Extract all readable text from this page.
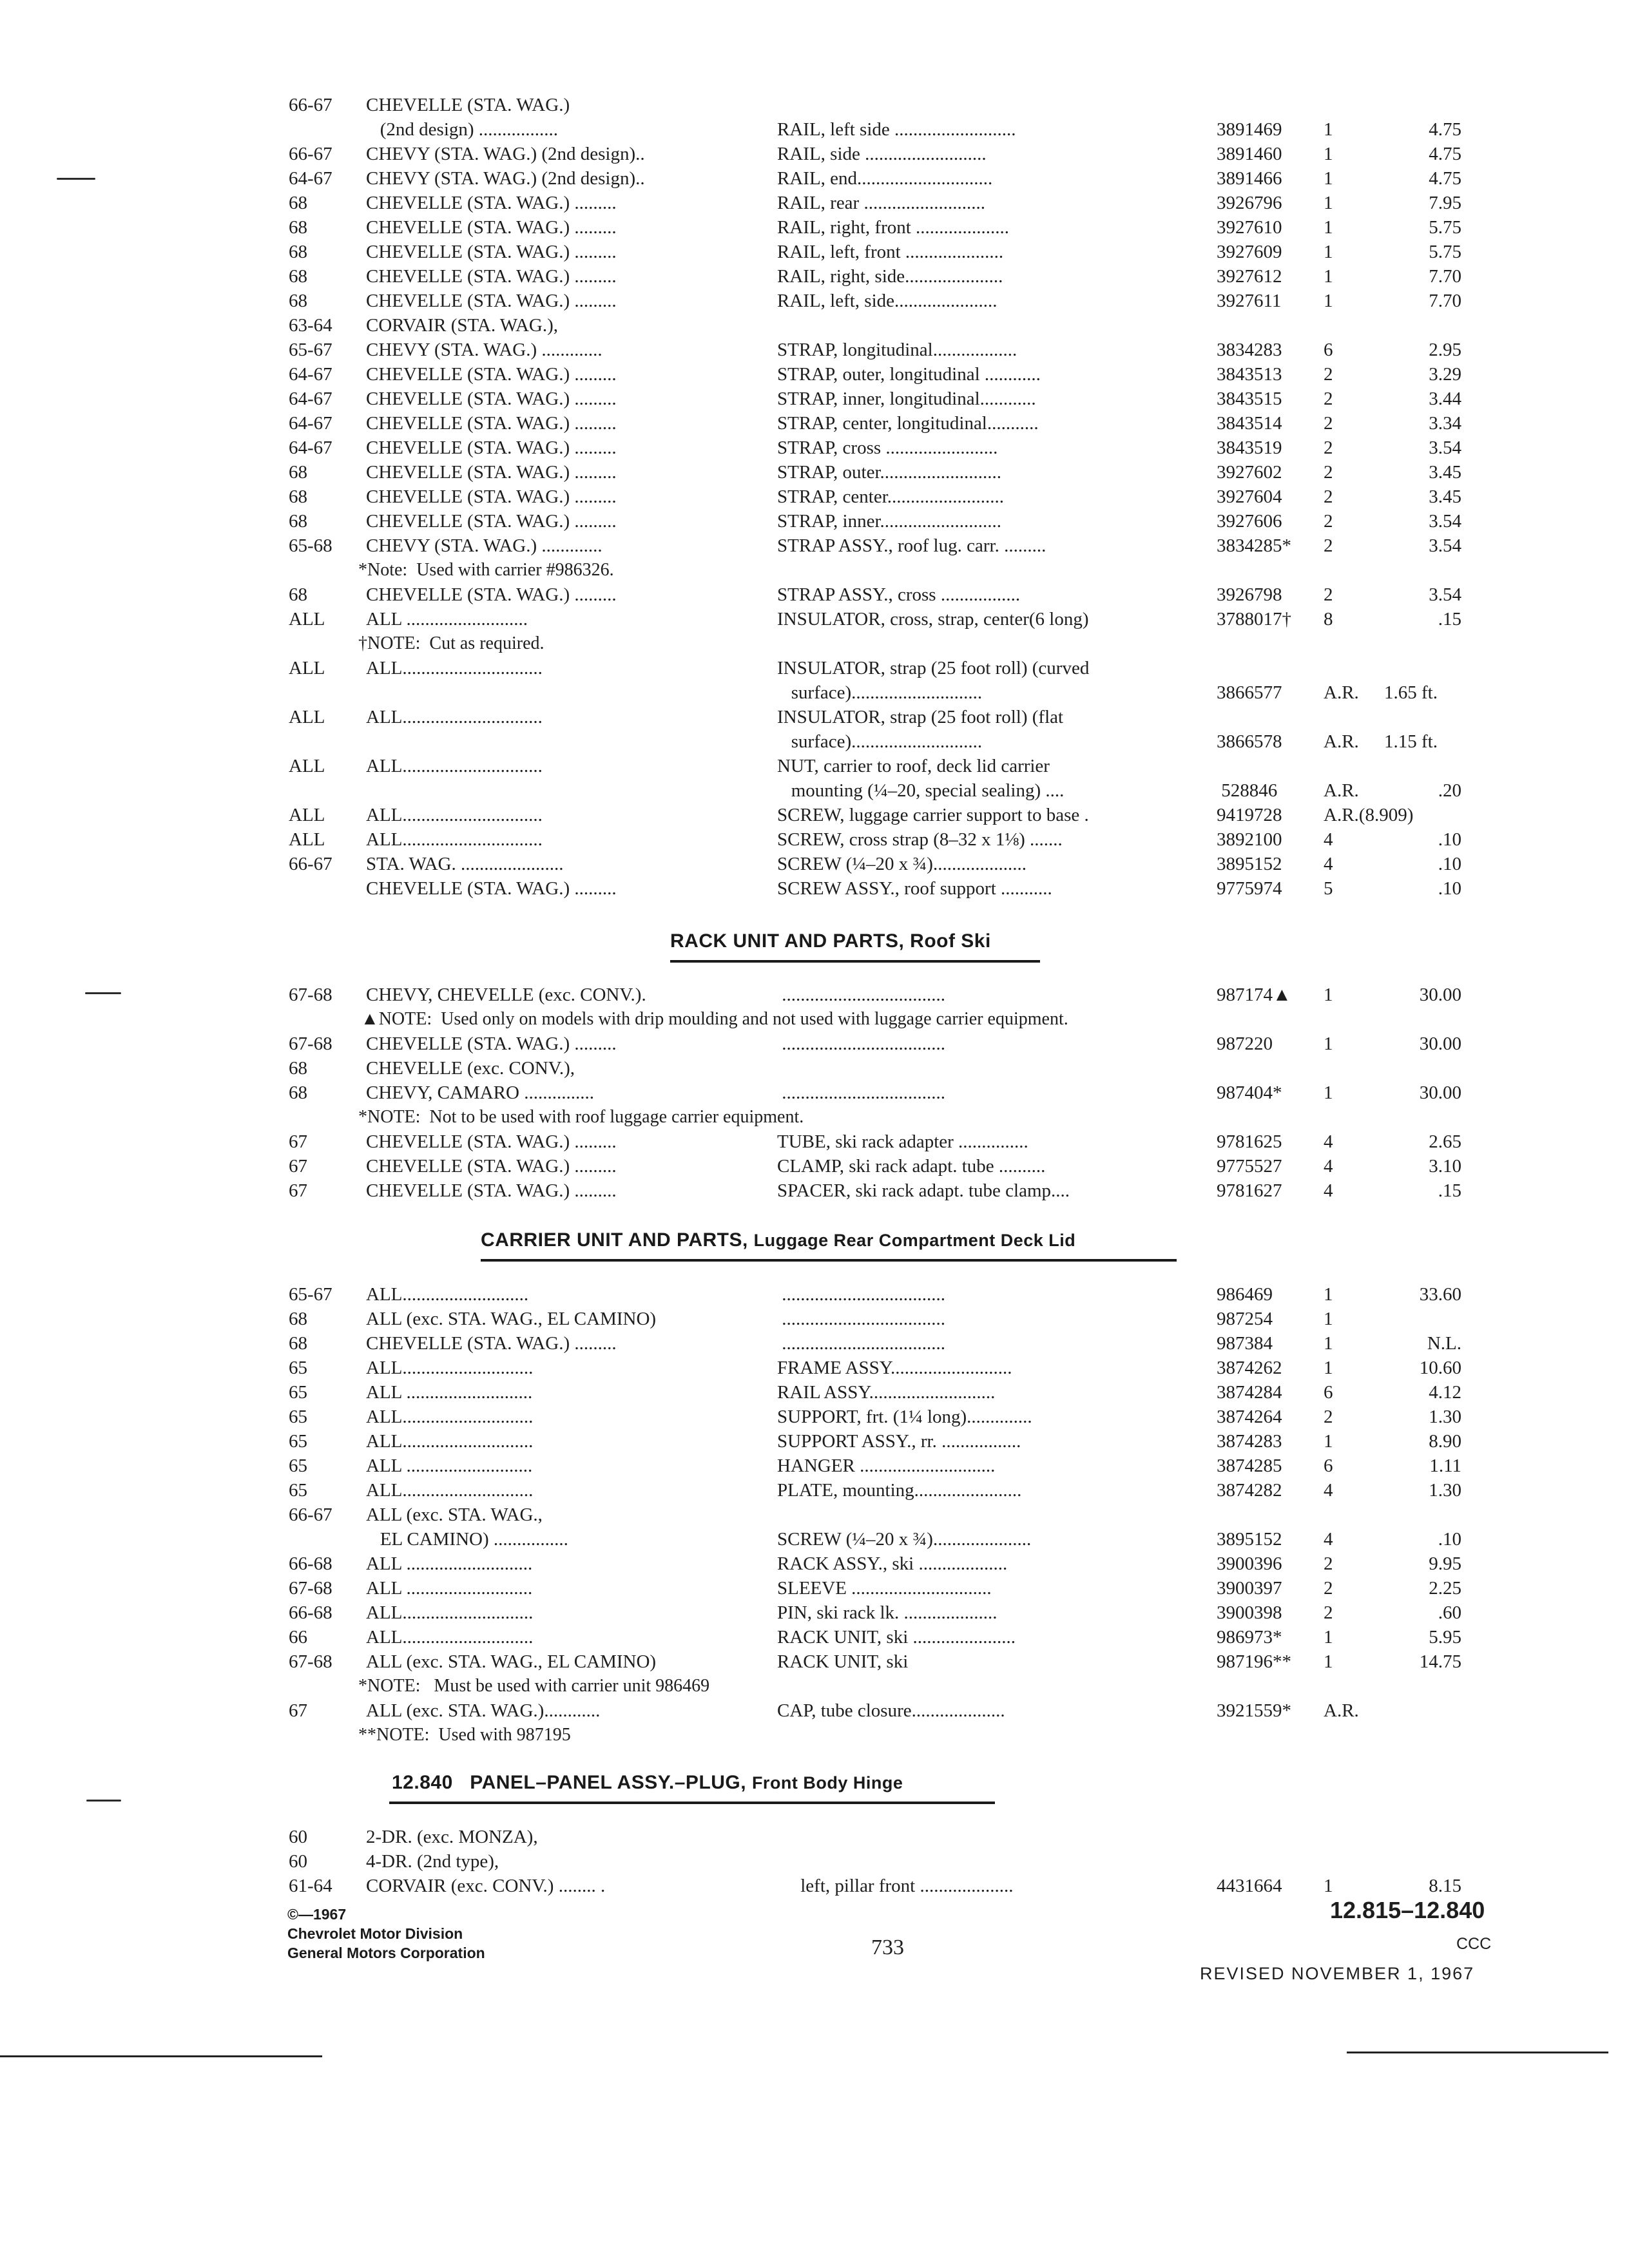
66-67 CHEVELLE (STA. WAG.)
(2nd design) .................	RAIL, left side ..........................	3891469 1	4.75
66-67 CHEVY (STA. WAG.) (2nd design)..	RAIL, side ..........................	3891460 1	4.75
64-67 CHEVY (STA. WAG.) (2nd design)..	RAIL, end.............................	3891466 1	4.75
68	CHEVELLE (STA. WAG.) .........	RAIL, rear ..........................	3926796 1	7.95
68	CHEVELLE (STA. WAG.) .........	RAIL, right, front ....................	3927610 1	5.75
68	CHEVELLE (STA. WAG.) .........	RAIL, left, front .....................	3927609 1	5.75
68	CHEVELLE (STA. WAG.) .........	RAIL, right, side.....................	3927612 1	7.70
68	CHEVELLE (STA. WAG.) .........	RAIL, left, side......................	3927611 1	7.70
63-64 CORVAIR (STA. WAG.),
65-67 CHEVY (STA. WAG.) .............	STRAP, longitudinal..................	3834283 6	2.95
64-67 CHEVELLE (STA. WAG.) .........	STRAP, outer, longitudinal ............	3843513 2	3.29
64-67 CHEVELLE (STA. WAG.) .........	STRAP, inner, longitudinal............	3843515 2	3.44
64-67 CHEVELLE (STA. WAG.) .........	STRAP, center, longitudinal...........	3843514 2	3.34
64-67 CHEVELLE (STA. WAG.) .........	STRAP, cross ........................	3843519 2	3.54
68	CHEVELLE (STA. WAG.) .........	STRAP, outer..........................	3927602 2	3.45
68	CHEVELLE (STA. WAG.) .........	STRAP, center.........................	3927604 2	3.45
68	CHEVELLE (STA. WAG.) .........	STRAP, inner..........................	3927606 2	3.54
65-68 CHEVY (STA. WAG.) .............	STRAP ASSY., roof lug. carr. .........	3834285* 2	3.54
*Note:  Used with carrier #986326.
68	CHEVELLE (STA. WAG.) .........	STRAP ASSY., cross .................	3926798 2	3.54
ALL ALL ..........................	INSULATOR, cross, strap, center(6 long)	3788017† 8	.15
†NOTE:  Cut as required.
ALL ALL..............................	INSULATOR, strap (25 foot roll) (curved
surface)............................	3866577 A.R. 1.65 ft.
ALL ALL..............................	INSULATOR, strap (25 foot roll) (flat
surface)............................	3866578 A.R. 1.15 ft.
ALL ALL..............................	NUT, carrier to roof, deck lid carrier
mounting (¼–20, special sealing) ....	528846 A.R.	.20
ALL ALL..............................	SCREW, luggage carrier support to base .	9419728 A.R.(8.909)
ALL ALL..............................	SCREW, cross strap (8–32 x 1⅛) .......	3892100 4	.10
66-67 STA. WAG. ......................	SCREW (¼–20 x ¾)....................	3895152 4	.10
CHEVELLE (STA. WAG.) .........	SCREW ASSY., roof support ...........	9775974 5	.10
RACK UNIT AND PARTS, Roof Ski
67-68 CHEVY, CHEVELLE (exc. CONV.).	...................................	987174▲ 1	30.00
▲NOTE:  Used only on models with drip moulding and not used with luggage carrier equipment.
67-68 CHEVELLE (STA. WAG.) .........	...................................	987220	1	30.00
68	CHEVELLE (exc. CONV.),
68	CHEVY, CAMARO ...............	...................................	987404* 1	30.00
*NOTE:  Not to be used with roof luggage carrier equipment.
67	CHEVELLE (STA. WAG.) .........	TUBE, ski rack adapter ...............	9781625 4	2.65
67	CHEVELLE (STA. WAG.) .........	CLAMP, ski rack adapt. tube ..........	9775527 4	3.10
67	CHEVELLE (STA. WAG.) .........	SPACER, ski rack adapt. tube clamp....	9781627 4	.15
CARRIER UNIT AND PARTS, Luggage Rear Compartment Deck Lid
65-67 ALL...........................	...................................	986469	1	33.60
68	ALL (exc. STA. WAG., EL CAMINO)	...................................	987254	1
68	CHEVELLE (STA. WAG.) .........	...................................	987384	1	N.L.
65	ALL............................	FRAME ASSY..........................	3874262 1	10.60
65	ALL ...........................	RAIL ASSY...........................	3874284 6	4.12
65	ALL............................	SUPPORT, frt. (1¼ long)..............	3874264 2	1.30
65	ALL............................	SUPPORT ASSY., rr. .................	3874283 1	8.90
65	ALL ...........................	HANGER .............................	3874285 6	1.11
65	ALL............................	PLATE, mounting.......................	3874282 4	1.30
66-67 ALL (exc. STA. WAG.,
EL CAMINO) ................	SCREW (¼–20 x ¾).....................	3895152 4	.10
66-68 ALL ...........................	RACK ASSY., ski ...................	3900396 2	9.95
67-68 ALL ...........................	SLEEVE ..............................	3900397 2	2.25
66-68 ALL............................	PIN, ski rack lk. ....................	3900398 2	.60
66	ALL............................	RACK UNIT, ski ......................	986973* 1	5.95
67-68 ALL (exc. STA. WAG., EL CAMINO)	RACK UNIT, ski	987196** 1	14.75
*NOTE:   Must be used with carrier unit 986469
67	ALL (exc. STA. WAG.)............	CAP, tube closure....................	3921559* A.R.
**NOTE:  Used with 987195
12.840 PANEL–PANEL ASSY.–PLUG, Front Body Hinge
60	2-DR. (exc. MONZA),
60	4-DR. (2nd type),
61-64 CORVAIR (exc. CONV.) ........ .	left, pillar front ....................	4431664 1	8.15
©—1967
Chevrolet Motor Division
General Motors Corporation	733
12.815–12.840
CCC
REVISED NOVEMBER 1, 1967
